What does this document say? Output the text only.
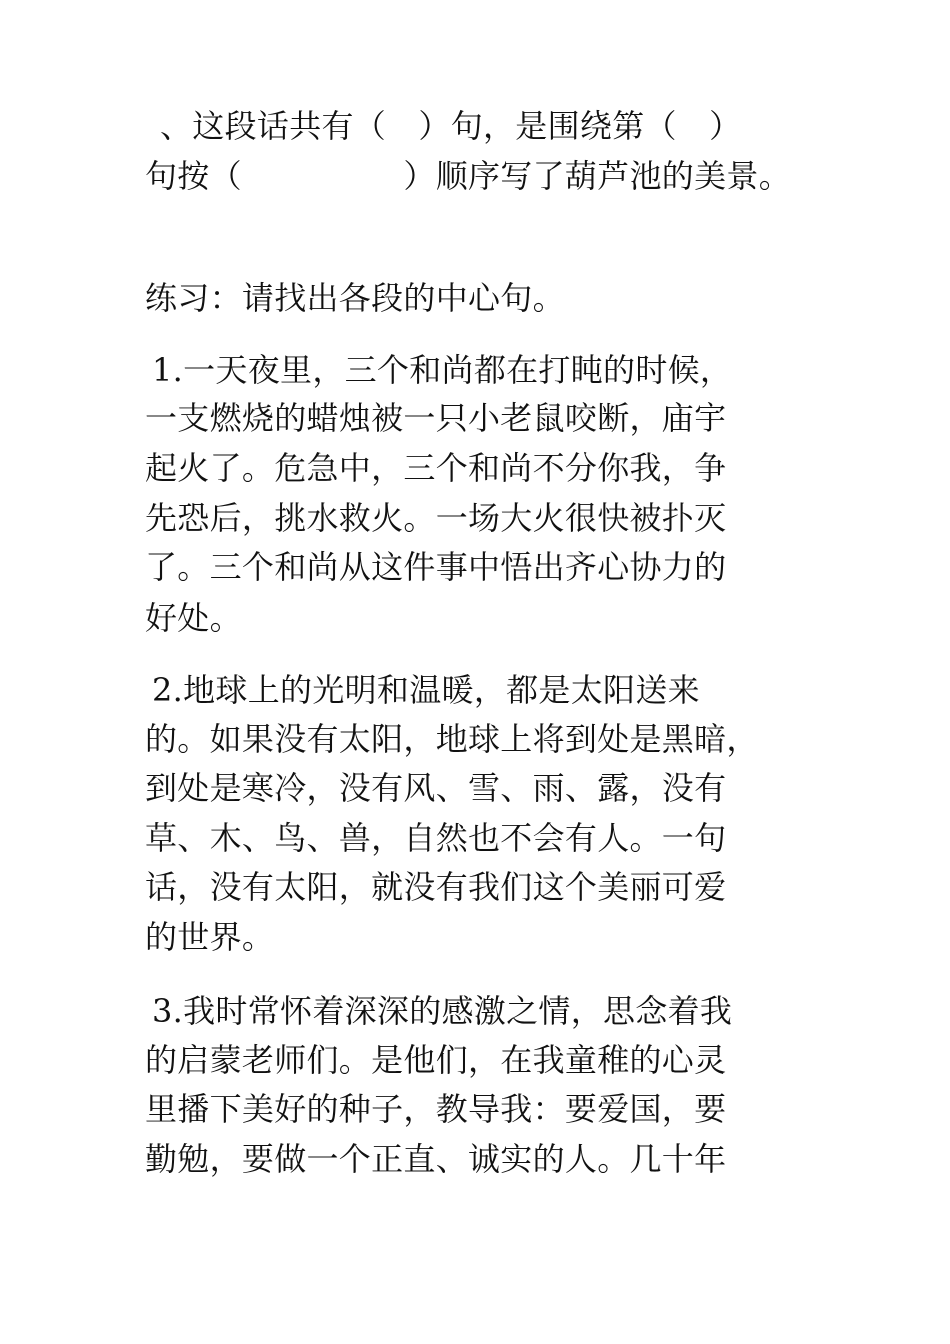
、这段话共有（　）句，是围绕第（　）
句按（　　　　　）顺序写了葫芦池的美景。
练习：请找出各段的中心句。
1.一天夜里，三个和尚都在打盹的时候，
一支燃烧的蜡烛被一只小老鼠咬断，庙宇
起火了。危急中，三个和尚不分你我，争
先恐后，挑水救火。一场大火很快被扑灭
了。三个和尚从这件事中悟出齐心协力的
好处。
2.地球上的光明和温暖，都是太阳送来
的。如果没有太阳，地球上将到处是黑暗，
到处是寒冷，没有风、雪、雨、露，没有
草、木、鸟、兽，自然也不会有人。一句
话，没有太阳，就没有我们这个美丽可爱
的世界。
3.我时常怀着深深的感激之情，思念着我
的启蒙老师们。是他们，在我童稚的心灵
里播下美好的种子，教导我：要爱国，要
勤勉，要做一个正直、诚实的人。几十年
